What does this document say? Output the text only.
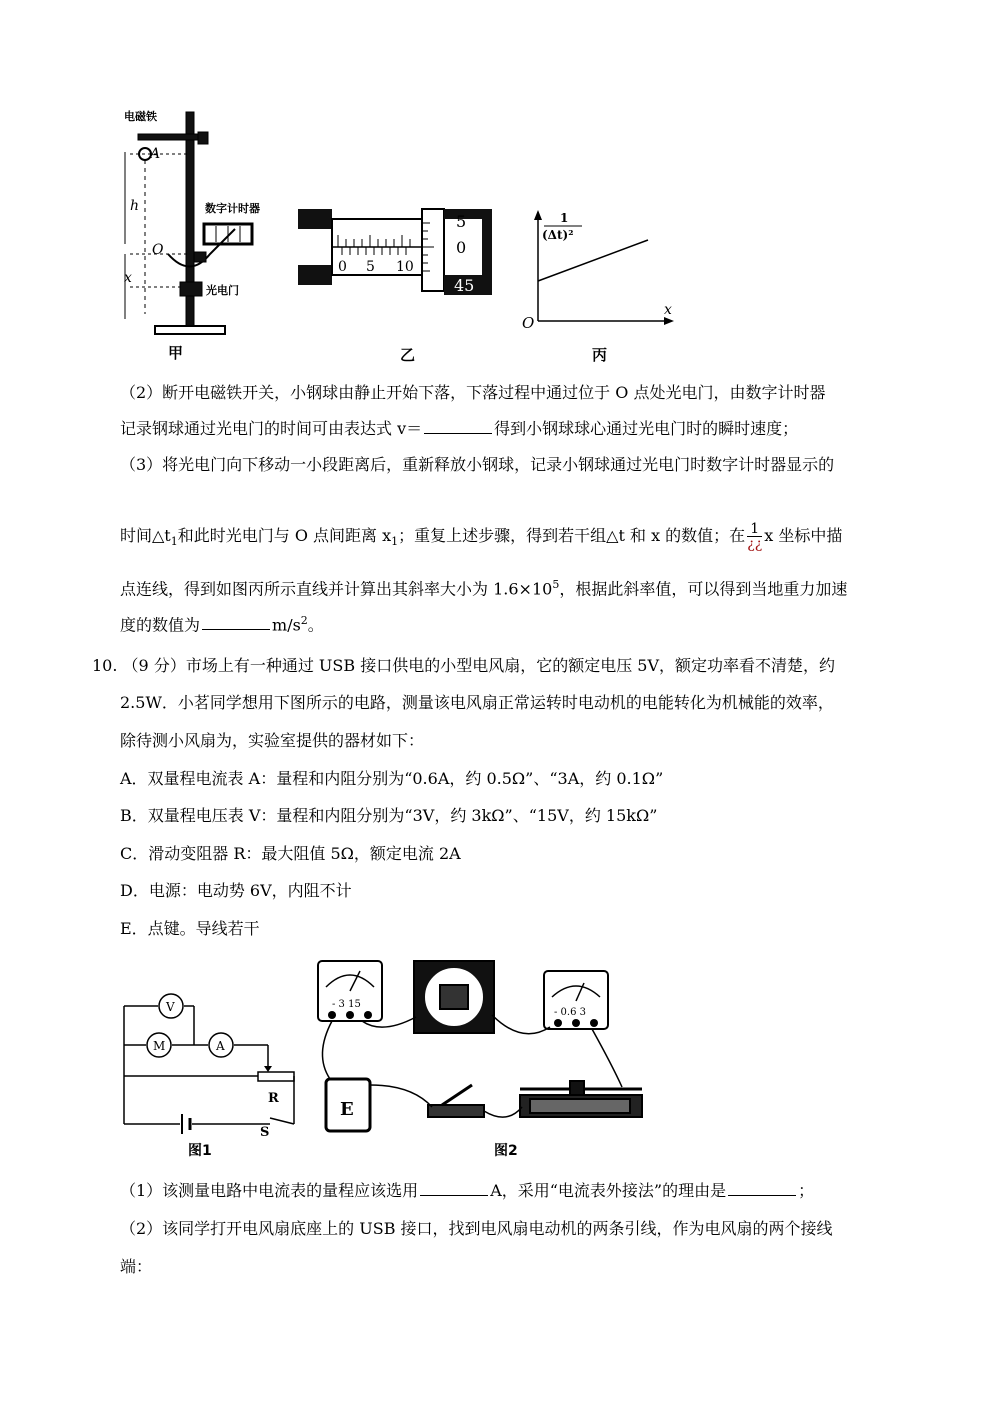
电磁铁
A
h
O
x
数字计时器
光电门
甲
0 5 10
5
0
45
乙
1
(Δt)²
O
x
丙
（2）断开电磁铁开关，小钢球由静止开始下落，下落过程中通过位于 O 点处光电门，由数字计时器
记录钢球通过光电门的时间可由表达式 v＝	得到小钢球球心通过光电门时的瞬时速度；
（3）将光电门向下移动一小段距离后，重新释放小钢球，记录小钢球通过光电门时数字计时器显示的
时间$\triangle t_1$和此时光电门与 O 点间距离 $x_1$；重复上述步骤，得到若干组△t 和 x 的数值；在 $\frac{1}{¿¿}$ x 坐标中描
点连线，得到如图丙所示直线并计算出其斜率大小为 $1.6\times 10^5$，根据此斜率值，可以得到当地重力加速
度的数值为	$m/s^2$。
10. （9 分）市场上有一种通过 USB 接口供电的小型电风扇，它的额定电压 5V，额定功率看不清楚，约
2.5W．小茗同学想用下图所示的电路，测量该电风扇正常运转时电动机的电能转化为机械能的效率，
除待测小风扇为，实验室提供的器材如下：
A．双量程电流表 A：量程和内阻分别为“0.6A，约 0.5Ω”、“3A，约 0.1Ω”
B．双量程电压表 V：量程和内阻分别为“3V，约 3kΩ”、“15V，约 15kΩ”
C．滑动变阻器 R：最大阻值 5Ω，额定电流 2A
D．电源：电动势 6V，内阻不计
E．点键。导线若干
V
M	A
R
S
图1
- 3 15
- 0.6 3
E
图2
（1）该测量电路中电流表的量程应该选用	A，采用“电流表外接法”的理由是	；
（2）该同学打开电风扇底座上的 USB 接口，找到电风扇电动机的两条引线，作为电风扇的两个接线
端：
